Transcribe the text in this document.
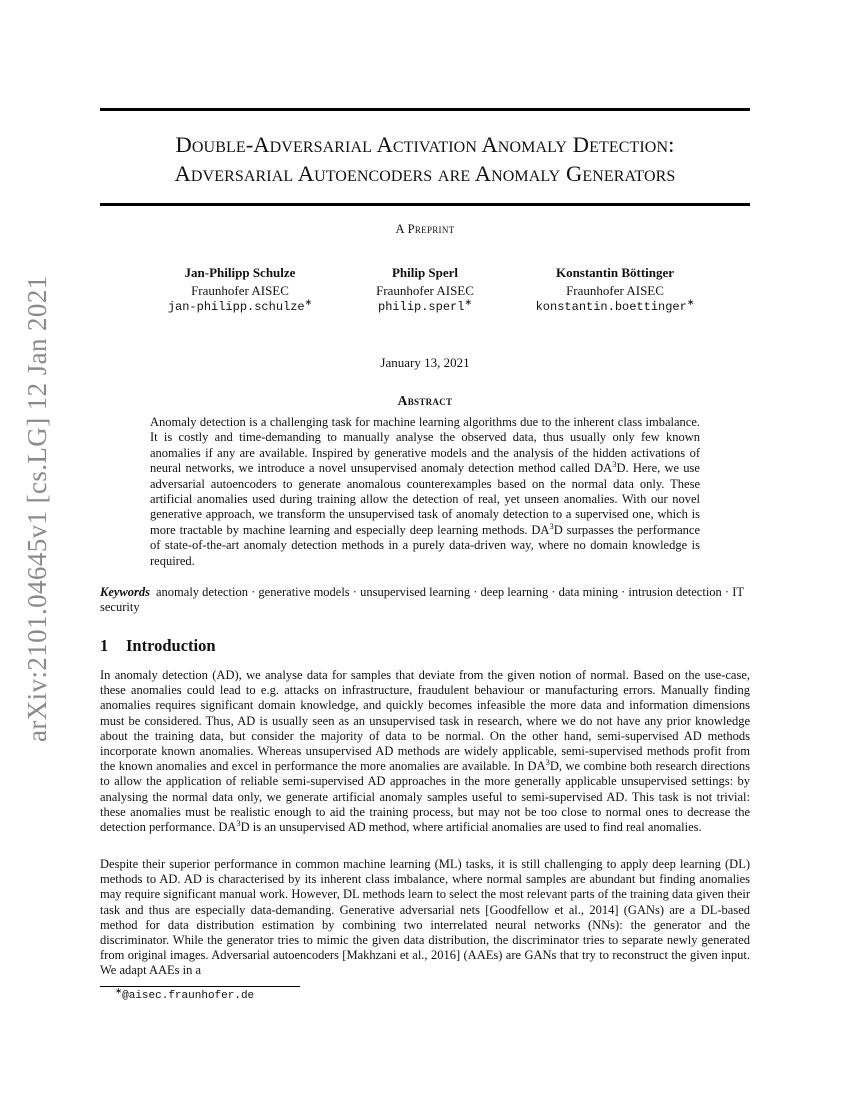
arXiv:2101.04645v1 [cs.LG] 12 Jan 2021
Double-Adversarial Activation Anomaly Detection:
Adversarial Autoencoders are Anomaly Generators
A Preprint
Jan-Philipp Schulze
Fraunhofer AISEC
jan-philipp.schulze∗
Philip Sperl
Fraunhofer AISEC
philip.sperl∗
Konstantin Böttinger
Fraunhofer AISEC
konstantin.boettinger∗
January 13, 2021
Abstract
Anomaly detection is a challenging task for machine learning algorithms due to the inherent class imbalance. It is costly and time-demanding to manually analyse the observed data, thus usually only few known anomalies if any are available. Inspired by generative models and the analysis of the hidden activations of neural networks, we introduce a novel unsupervised anomaly detection method called $DA^3D$. Here, we use adversarial autoencoders to generate anomalous counterexamples based on the normal data only. These artificial anomalies used during training allow the detection of real, yet unseen anomalies. With our novel generative approach, we transform the unsupervised task of anomaly detection to a supervised one, which is more tractable by machine learning and especially deep learning methods. $DA^3D$ surpasses the performance of state-of-the-art anomaly detection methods in a purely data-driven way, where no domain knowledge is required.
Keywords anomaly detection · generative models · unsupervised learning · deep learning · data mining · intrusion detection · IT security
1 Introduction
In anomaly detection (AD), we analyse data for samples that deviate from the given notion of normal. Based on the use-case, these anomalies could lead to e.g. attacks on infrastructure, fraudulent behaviour or manufacturing errors. Manually finding anomalies requires significant domain knowledge, and quickly becomes infeasible the more data and information dimensions must be considered. Thus, AD is usually seen as an unsupervised task in research, where we do not have any prior knowledge about the training data, but consider the majority of data to be normal. On the other hand, semi-supervised AD methods incorporate known anomalies. Whereas unsupervised AD methods are widely applicable, semi-supervised methods profit from the known anomalies and excel in performance the more anomalies are available. In $DA^3D$, we combine both research directions to allow the application of reliable semi-supervised AD approaches in the more generally applicable unsupervised settings: by analysing the normal data only, we generate artificial anomaly samples useful to semi-supervised AD. This task is not trivial: these anomalies must be realistic enough to aid the training process, but may not be too close to normal ones to decrease the detection performance. $DA^3D$ is an unsupervised AD method, where artificial anomalies are used to find real anomalies.
Despite their superior performance in common machine learning (ML) tasks, it is still challenging to apply deep learning (DL) methods to AD. AD is characterised by its inherent class imbalance, where normal samples are abundant but finding anomalies may require significant manual work. However, DL methods learn to select the most relevant parts of the training data given their task and thus are especially data-demanding. Generative adversarial nets [Goodfellow et al., 2014] (GANs) are a DL-based method for data distribution estimation by combining two interrelated neural networks (NNs): the generator and the discriminator. While the generator tries to mimic the given data distribution, the discriminator tries to separate newly generated from original images. Adversarial autoencoders [Makhzani et al., 2016] (AAEs) are GANs that try to reconstruct the given input. We adapt AAEs in a
∗@aisec.fraunhofer.de
